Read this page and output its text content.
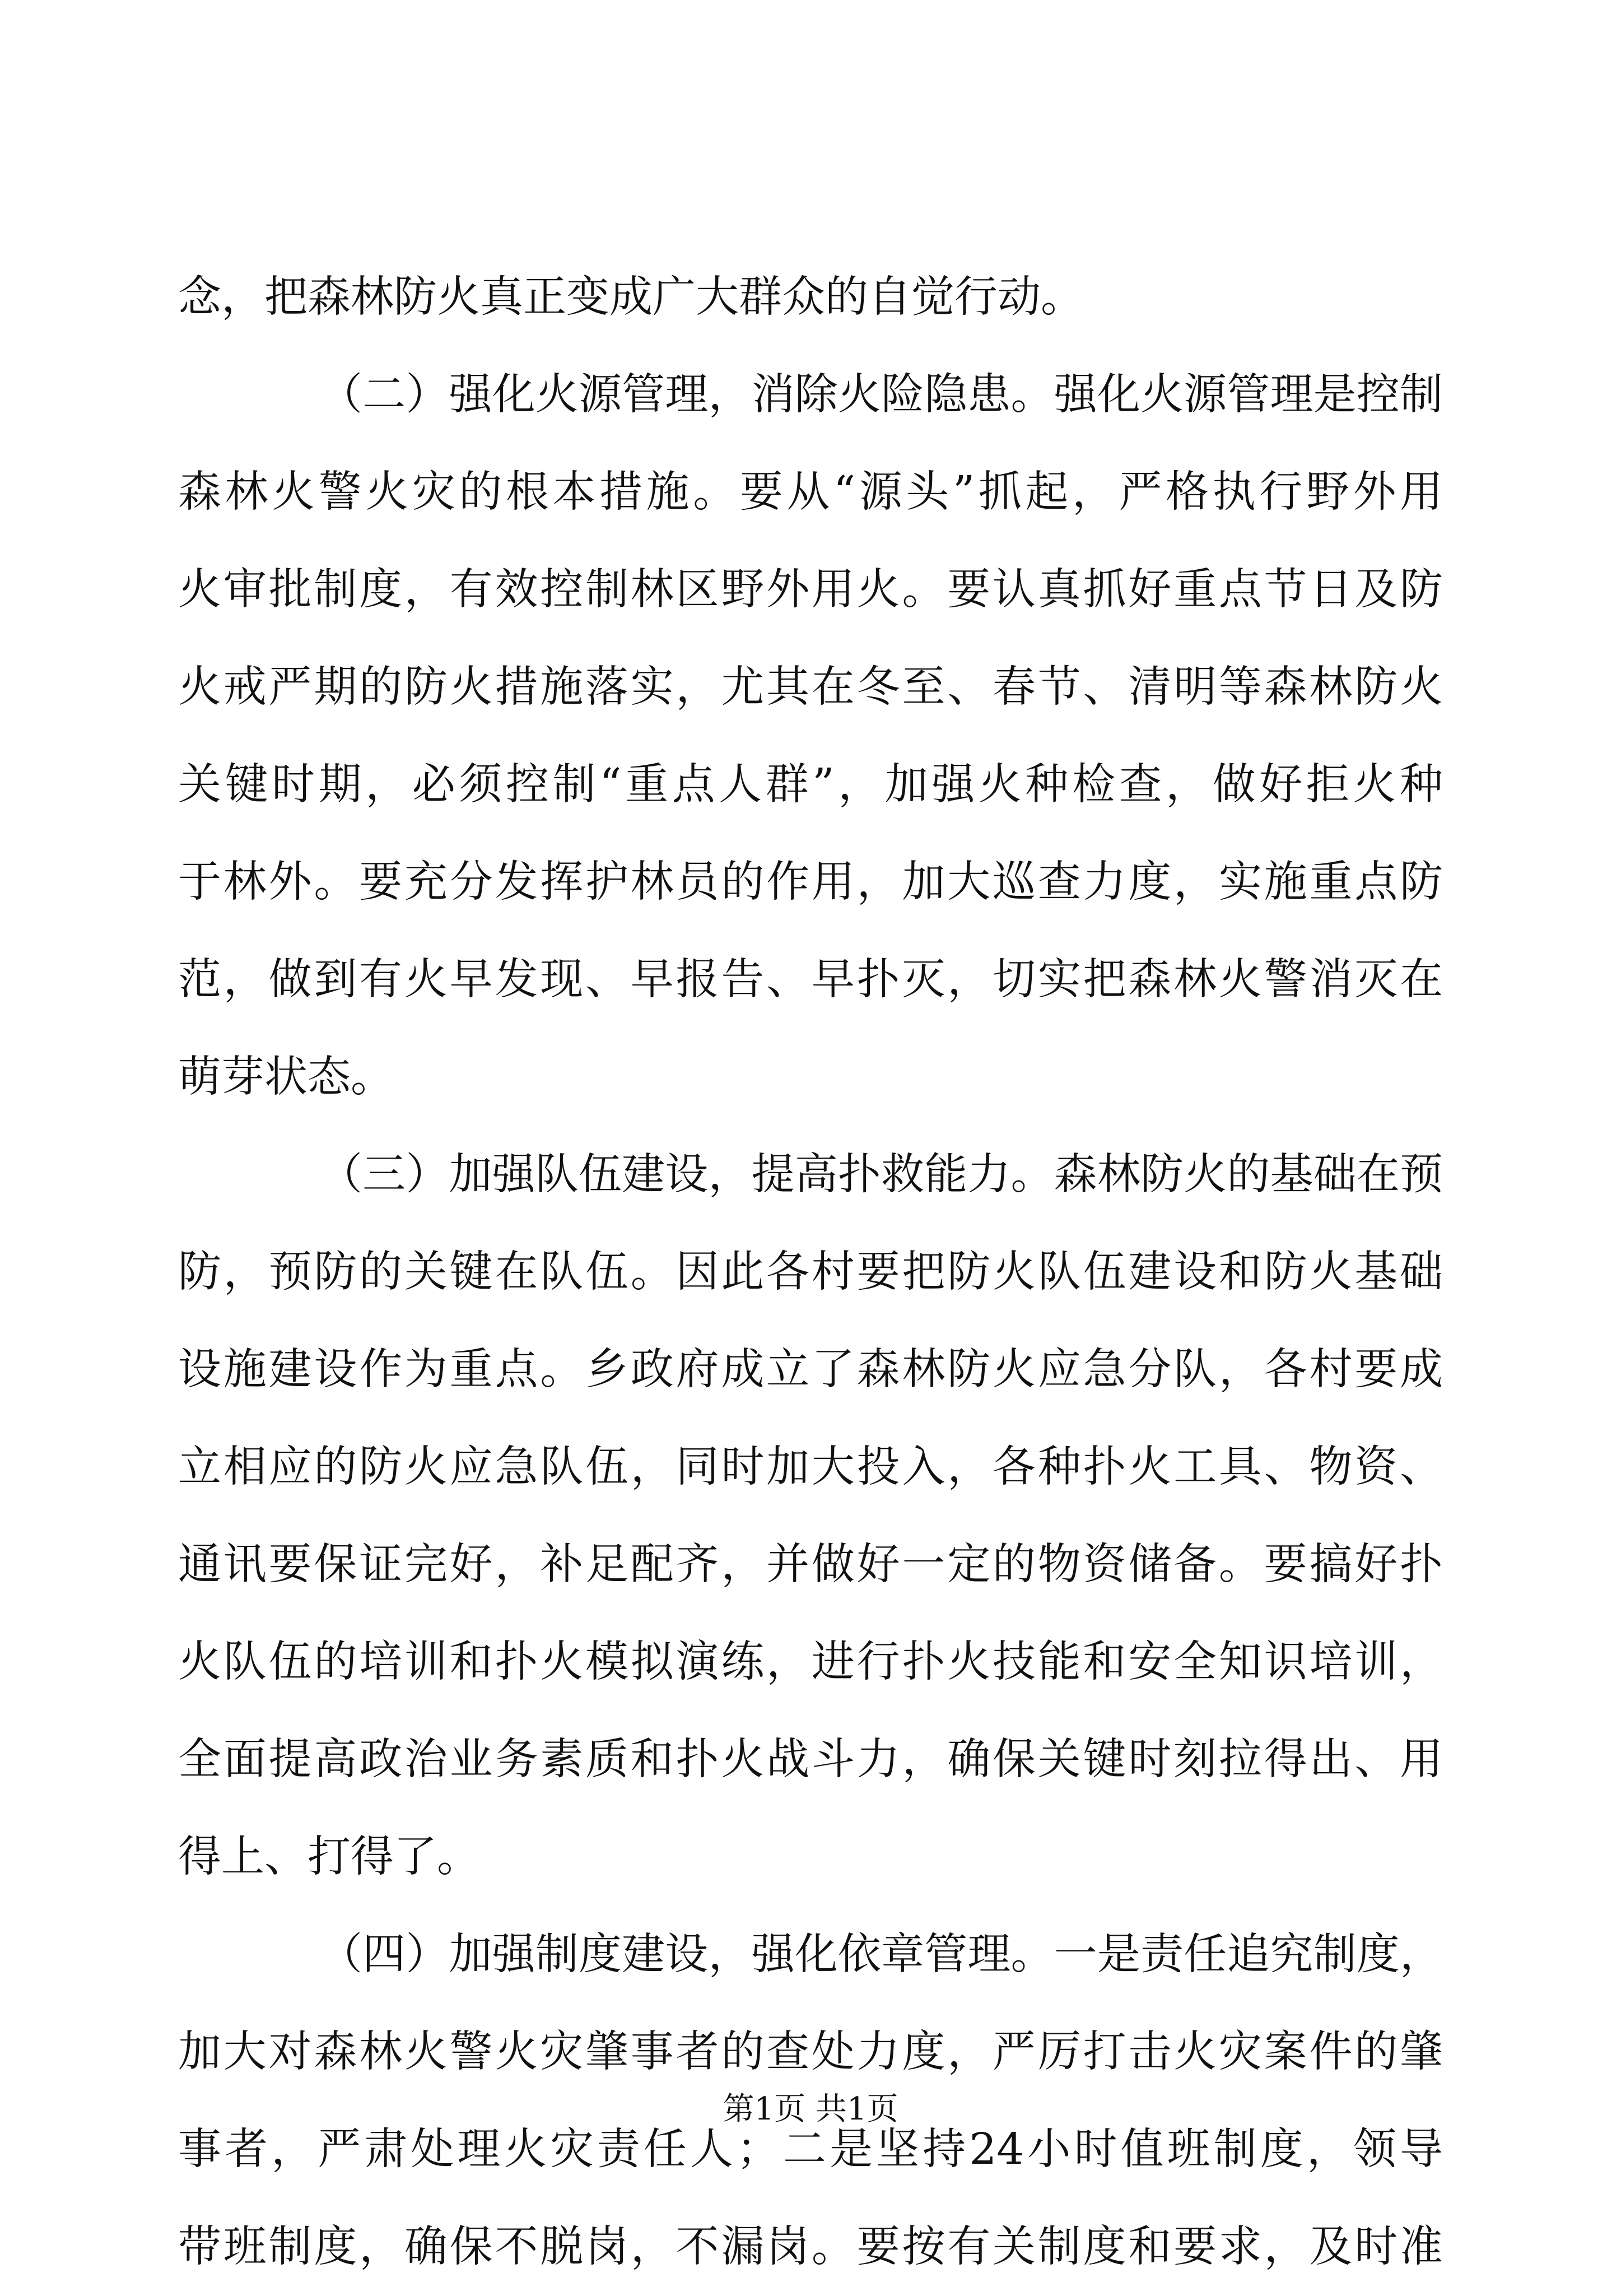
念，把森林防火真正变成广大群众的自觉行动。
（二）强化火源管理，消除火险隐患。强化火源管理是控制
森林火警火灾的根本措施。要从“源头”抓起，严格执行野外用
火审批制度，有效控制林区野外用火。要认真抓好重点节日及防
火戒严期的防火措施落实，尤其在冬至、春节、清明等森林防火
关键时期，必须控制“重点人群”，加强火种检查，做好拒火种
于林外。要充分发挥护林员的作用，加大巡查力度，实施重点防
范，做到有火早发现、早报告、早扑灭，切实把森林火警消灭在
萌芽状态。
（三）加强队伍建设，提高扑救能力。森林防火的基础在预
防，预防的关键在队伍。因此各村要把防火队伍建设和防火基础
设施建设作为重点。乡政府成立了森林防火应急分队，各村要成
立相应的防火应急队伍，同时加大投入，各种扑火工具、物资、
通讯要保证完好，补足配齐，并做好一定的物资储备。要搞好扑
火队伍的培训和扑火模拟演练，进行扑火技能和安全知识培训，
全面提高政治业务素质和扑火战斗力，确保关键时刻拉得出、用
得上、打得了。
（四）加强制度建设，强化依章管理。一是责任追究制度，
加大对森林火警火灾肇事者的查处力度，严厉打击火灾案件的肇
事者，严肃处理火灾责任人；二是坚持24小时值班制度，领导
带班制度，确保不脱岗，不漏岗。要按有关制度和要求，及时准
第1页 共1页
